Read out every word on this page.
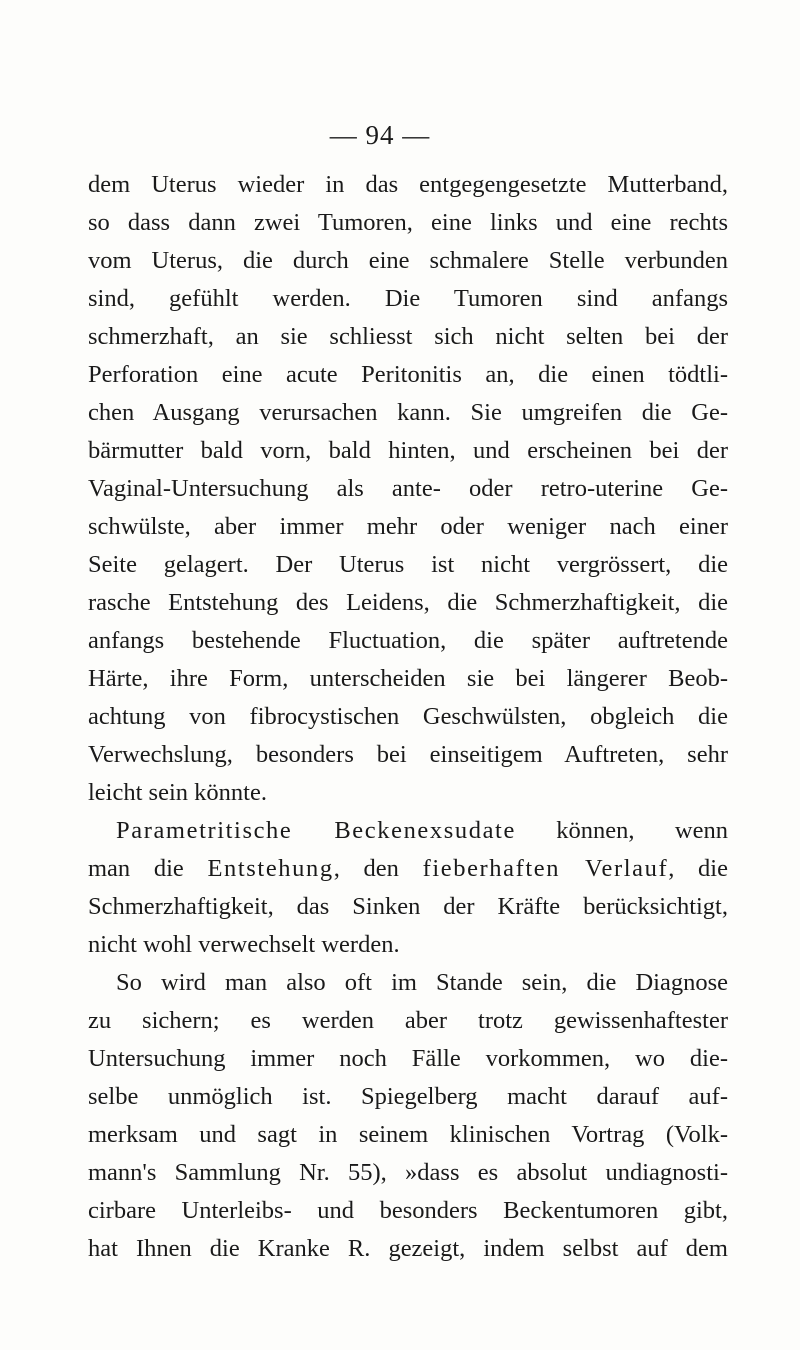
— 94 —
dem Uterus wieder in das entgegengesetzte Mutterband,
so dass dann zwei Tumoren, eine links und eine rechts
vom Uterus, die durch eine schmalere Stelle verbunden
sind, gefühlt werden. Die Tumoren sind anfangs
schmerzhaft, an sie schliesst sich nicht selten bei der
Perforation eine acute Peritonitis an, die einen tödtli-
chen Ausgang verursachen kann. Sie umgreifen die Ge-
bärmutter bald vorn, bald hinten, und erscheinen bei der
Vaginal-Untersuchung als ante- oder retro-uterine Ge-
schwülste, aber immer mehr oder weniger nach einer
Seite gelagert. Der Uterus ist nicht vergrössert, die
rasche Entstehung des Leidens, die Schmerzhaftigkeit, die
anfangs bestehende Fluctuation, die später auftretende
Härte, ihre Form, unterscheiden sie bei längerer Beob-
achtung von fibrocystischen Geschwülsten, obgleich die
Verwechslung, besonders bei einseitigem Auftreten, sehr
leicht sein könnte.
Parametritische Beckenexsudate können, wenn
man die Entstehung, den fieberhaften Verlauf, die
Schmerzhaftigkeit, das Sinken der Kräfte berücksichtigt,
nicht wohl verwechselt werden.
So wird man also oft im Stande sein, die Diagnose
zu sichern; es werden aber trotz gewissenhaftester
Untersuchung immer noch Fälle vorkommen, wo die-
selbe unmöglich ist. Spiegelberg macht darauf auf-
merksam und sagt in seinem klinischen Vortrag (Volk-
mann's Sammlung Nr. 55), »dass es absolut undiagnosti-
cirbare Unterleibs- und besonders Beckentumoren gibt,
hat Ihnen die Kranke R. gezeigt, indem selbst auf dem
